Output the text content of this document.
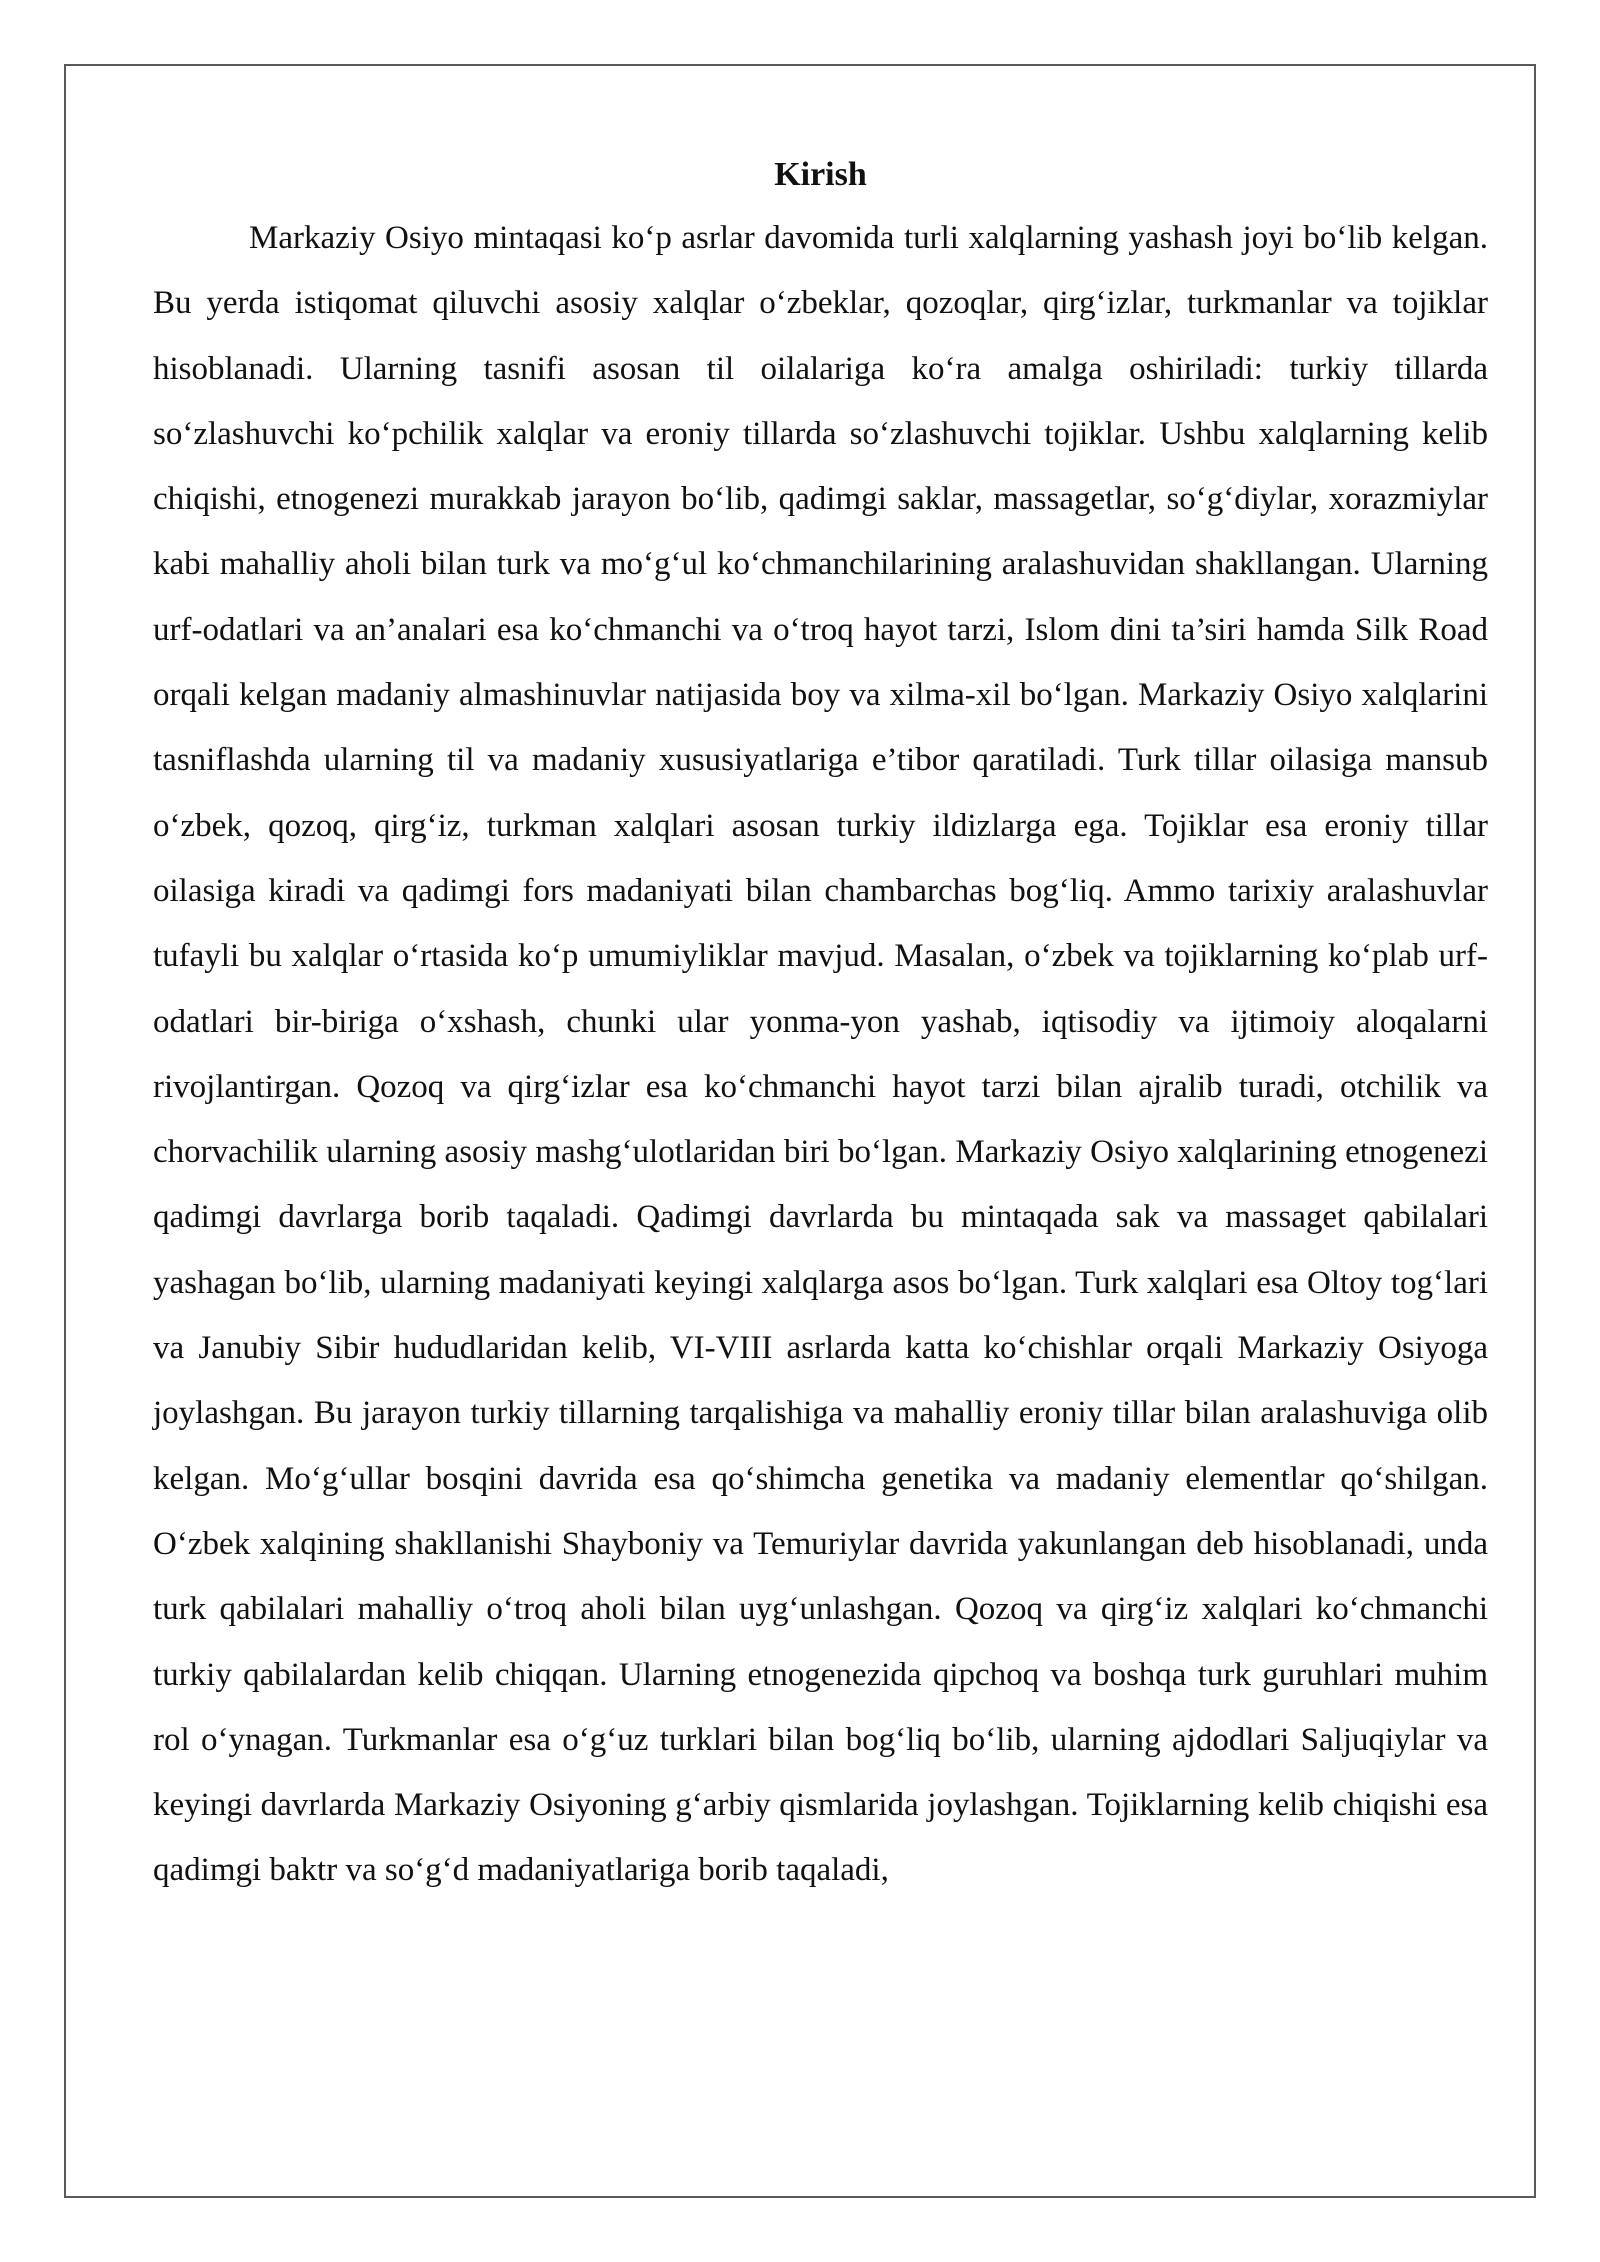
Kirish

Markaziy Osiyo mintaqasi koʻp asrlar davomida turli xalqlarning yashash joyi boʻlib kelgan. Bu yerda istiqomat qiluvchi asosiy xalqlar oʻzbeklar, qozoqlar, qirgʻizlar, turkmanlar va tojiklar hisoblanadi. Ularning tasnifi asosan til oilalariga koʻra amalga oshiriladi: turkiy tillarda soʻzlashuvchi koʻpchilik xalqlar va eroniy tillarda soʻzlashuvchi tojiklar. Ushbu xalqlarning kelib chiqishi, etnogenezi murakkab jarayon boʻlib, qadimgi saklar, massagetlar, soʻgʻdiylar, xorazmiylar kabi mahalliy aholi bilan turk va moʻgʻul koʻchmanchilarining aralashuvidan shakllangan. Ularning urf-odatlari va an’analari esa koʻchmanchi va oʻtroq hayot tarzi, Islom dini ta’siri hamda Silk Road orqali kelgan madaniy almashinuvlar natijasida boy va xilma-xil boʻlgan. Markaziy Osiyo xalqlarini tasniflashda ularning til va madaniy xususiyatlariga e’tibor qaratiladi. Turk tillar oilasiga mansub oʻzbek, qozoq, qirgʻiz, turkman xalqlari asosan turkiy ildizlarga ega. Tojiklar esa eroniy tillar oilasiga kiradi va qadimgi fors madaniyati bilan chambarchas bogʻliq. Ammo tarixiy aralashuvlar tufayli bu xalqlar oʻrtasida koʻp umumiyliklar mavjud. Masalan, oʻzbek va tojiklarning koʻplab urf-odatlari bir-biriga oʻxshash, chunki ular yonma-yon yashab, iqtisodiy va ijtimoiy aloqalarni rivojlantirgan. Qozoq va qirgʻizlar esa koʻchmanchi hayot tarzi bilan ajralib turadi, otchilik va chorvachilik ularning asosiy mashgʻulotlaridan biri boʻlgan. Markaziy Osiyo xalqlarining etnogenezi qadimgi davrlarga borib taqaladi. Qadimgi davrlarda bu mintaqada sak va massaget qabilalari yashagan boʻlib, ularning madaniyati keyingi xalqlarga asos boʻlgan. Turk xalqlari esa Oltoy togʻlari va Janubiy Sibir hududlaridan kelib, VI-VIII asrlarda katta koʻchishlar orqali Markaziy Osiyoga joylashgan. Bu jarayon turkiy tillarning tarqalishiga va mahalliy eroniy tillar bilan aralashuviga olib kelgan. Moʻgʻullar bosqini davrida esa qoʻshimcha genetika va madaniy elementlar qoʻshilgan. Oʻzbek xalqining shakllanishi Shayboniy va Temuriylar davrida yakunlangan deb hisoblanadi, unda turk qabilalari mahalliy oʻtroq aholi bilan uygʻunlashgan. Qozoq va qirgʻiz xalqlari koʻchmanchi turkiy qabilalardan kelib chiqqan. Ularning etnogenezida qipchoq va boshqa turk guruhlari muhim rol oʻynagan. Turkmanlar esa oʻgʻuz turklari bilan bogʻliq boʻlib, ularning ajdodlari Saljuqiylar va keyingi davrlarda Markaziy Osiyoning gʻarbiy qismlarida joylashgan. Tojiklarning kelib chiqishi esa qadimgi baktr va soʻgʻd madaniyatlariga borib taqaladi,
